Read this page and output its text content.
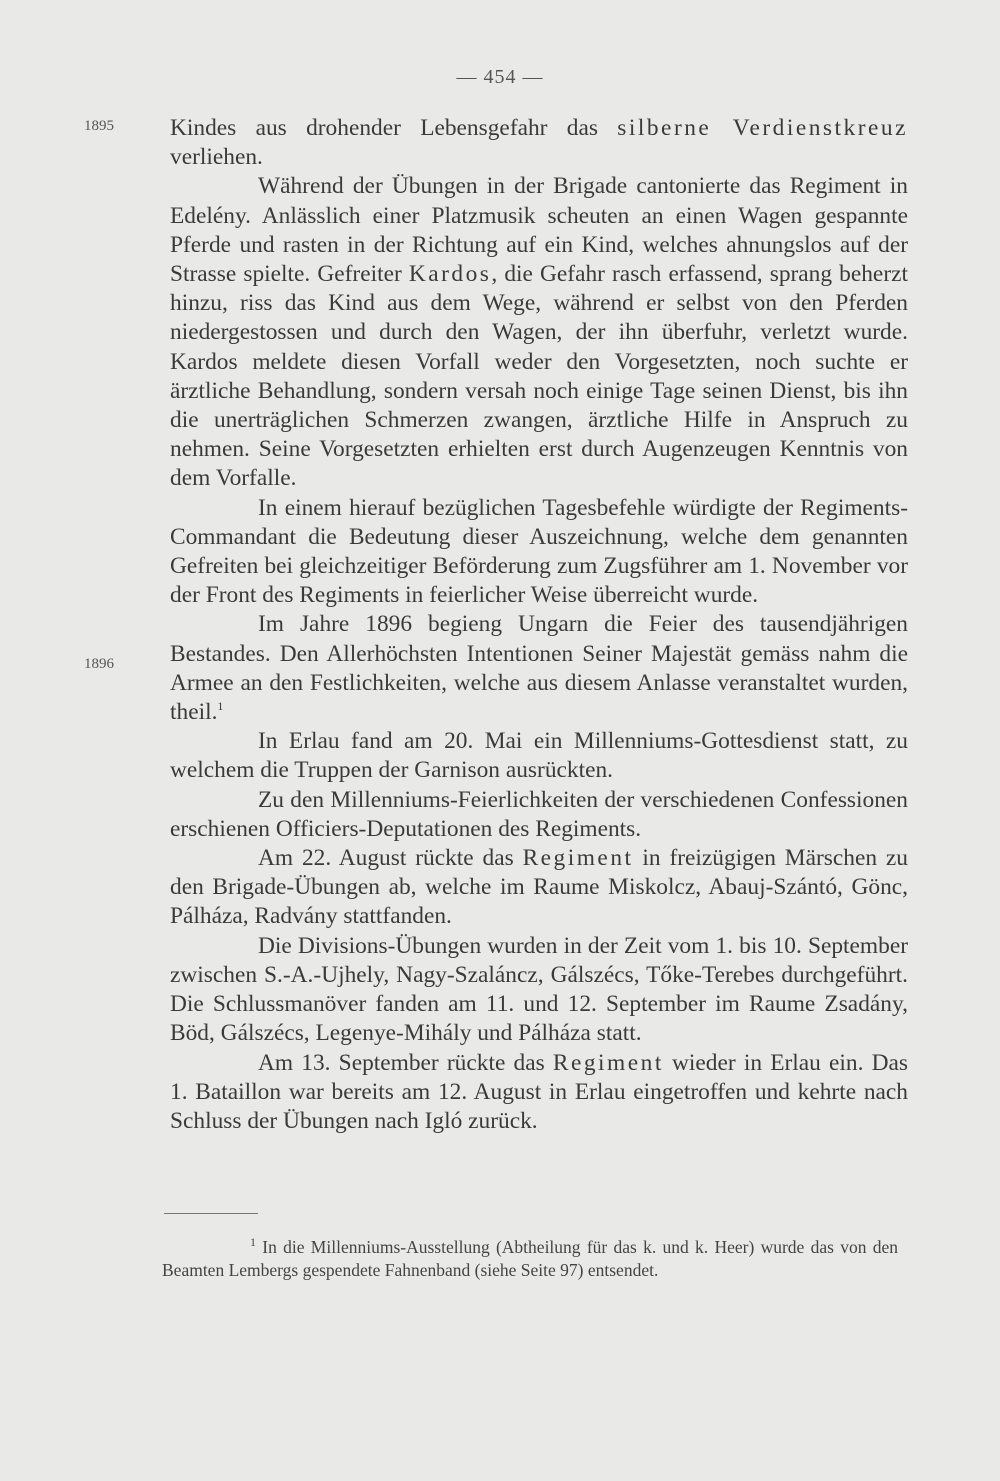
— 454 —
1895
1896

Kindes aus drohender Lebensgefahr das silberne Verdienstkreuz verliehen.

Während der Übungen in der Brigade cantonierte das Regiment in Edelény. Anlässlich einer Platzmusik scheuten an einen Wagen gespannte Pferde und rasten in der Richtung auf ein Kind, welches ahnungslos auf der Strasse spielte. Gefreiter Kardos, die Gefahr rasch erfassend, sprang beherzt hinzu, riss das Kind aus dem Wege, während er selbst von den Pferden niedergestossen und durch den Wagen, der ihn überfuhr, verletzt wurde. Kardos meldete diesen Vorfall weder den Vorgesetzten, noch suchte er ärztliche Behandlung, sondern versah noch einige Tage seinen Dienst, bis ihn die unerträglichen Schmerzen zwangen, ärztliche Hilfe in Anspruch zu nehmen. Seine Vorgesetzten erhielten erst durch Augenzeugen Kenntnis von dem Vorfalle.

In einem hierauf bezüglichen Tagesbefehle würdigte der Regiments-Commandant die Bedeutung dieser Auszeichnung, welche dem genannten Gefreiten bei gleichzeitiger Beförderung zum Zugsführer am 1. November vor der Front des Regiments in feierlicher Weise überreicht wurde.

Im Jahre 1896 begieng Ungarn die Feier des tausendjährigen Bestandes. Den Allerhöchsten Intentionen Seiner Majestät gemäss nahm die Armee an den Festlichkeiten, welche aus diesem Anlasse veranstaltet wurden, theil.$^1$

In Erlau fand am 20. Mai ein Millenniums-Gottesdienst statt, zu welchem die Truppen der Garnison ausrückten.

Zu den Millenniums-Feierlichkeiten der verschiedenen Confessionen erschienen Officiers-Deputationen des Regiments.

Am 22. August rückte das Regiment in freizügigen Märschen zu den Brigade-Übungen ab, welche im Raume Miskolcz, Abauj-Szántó, Gönc, Pálháza, Radvány stattfanden.

Die Divisions-Übungen wurden in der Zeit vom 1. bis 10. September zwischen S.-A.-Ujhely, Nagy-Szaláncz, Gálszécs, Tőke-Terebes durchgeführt. Die Schlussmanöver fanden am 11. und 12. September im Raume Zsadány, Böd, Gálszécs, Legenye-Mihály und Pálháza statt.

Am 13. September rückte das Regiment wieder in Erlau ein. Das 1. Bataillon war bereits am 12. August in Erlau eingetroffen und kehrte nach Schluss der Übungen nach Igló zurück.

$^1$ In die Millenniums-Ausstellung (Abtheilung für das k. und k. Heer) wurde das von den Beamten Lembergs gespendete Fahnenband (siehe Seite 97) entsendet.
